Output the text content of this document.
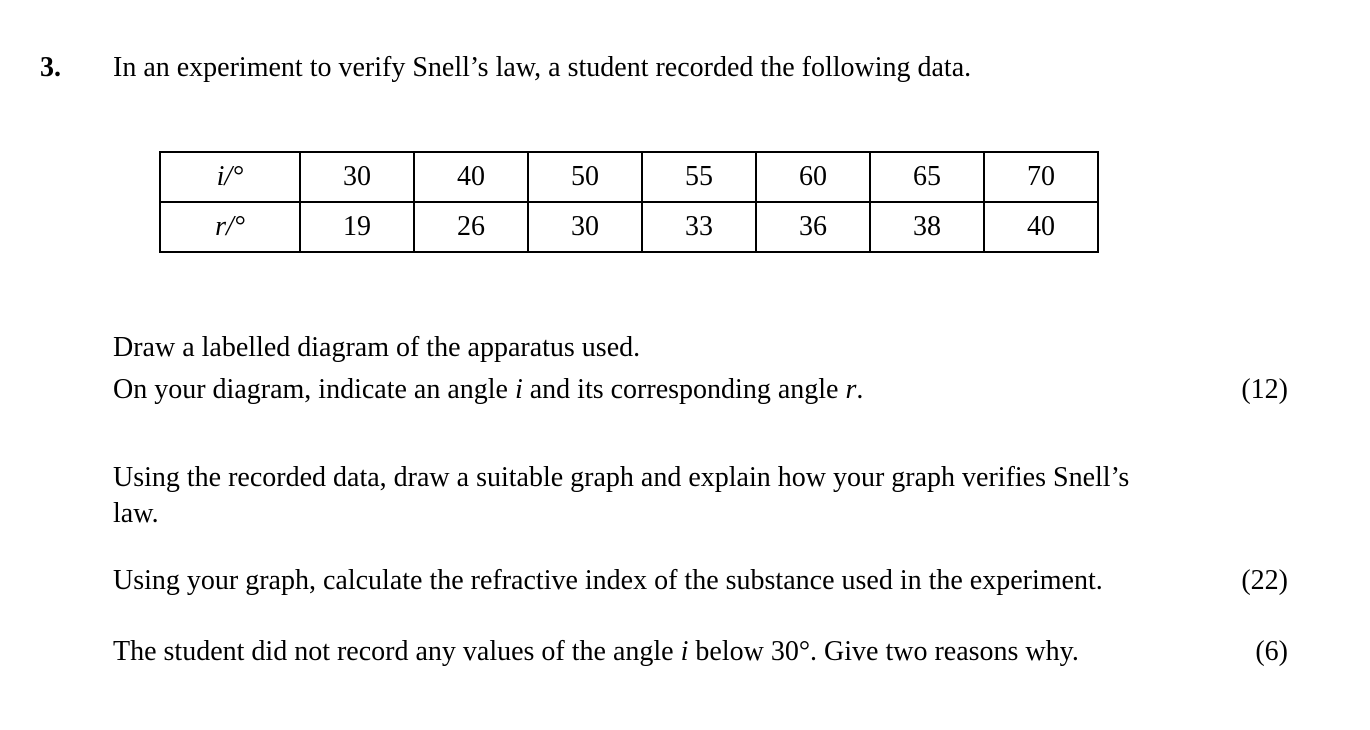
3. In an experiment to verify Snell’s law, a student recorded the following data.
i/°	30	40	50	55	60	65	70
r/°	19	26	30	33	36	38	40
Draw a labelled diagram of the apparatus used.
On your diagram, indicate an angle i and its corresponding angle r.	(12)
Using the recorded data, draw a suitable graph and explain how your graph verifies Snell’s law.
Using your graph, calculate the refractive index of the substance used in the experiment.	(22)
The student did not record any values of the angle i below 30°. Give two reasons why.	(6)
